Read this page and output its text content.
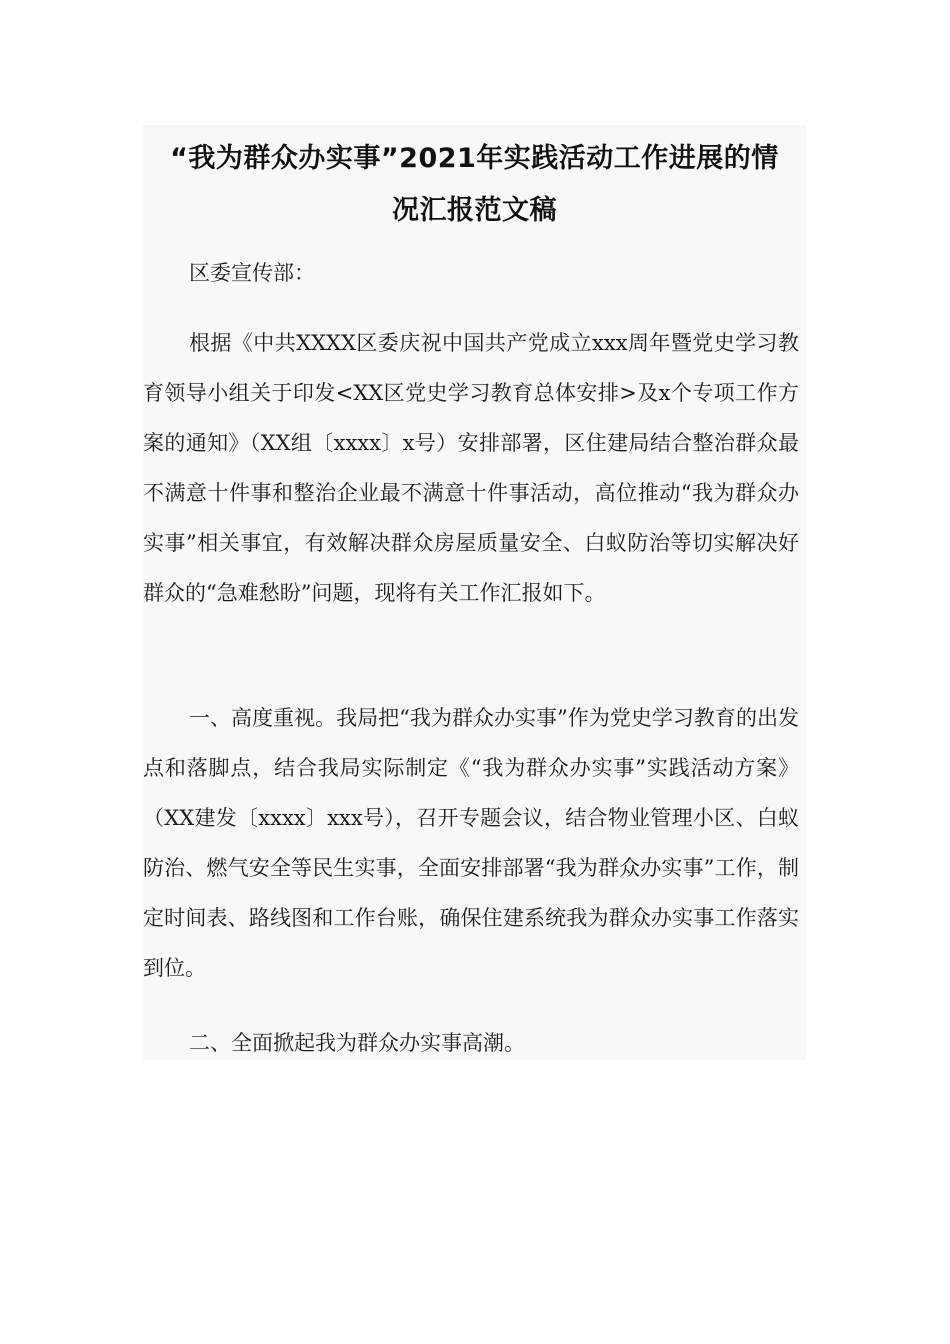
“我为群众办实事”2021年实践活动工作进展的情
况汇报范文稿

区委宣传部：

根据《中共XXXX区委庆祝中国共产党成立xxx周年暨党史学习教育领导小组关于印发<XX区党史学习教育总体安排>及x个专项工作方案的通知》（XX组〔xxxx〕x号）安排部署，区住建局结合整治群众最不满意十件事和整治企业最不满意十件事活动，高位推动“我为群众办实事”相关事宜，有效解决群众房屋质量安全、白蚁防治等切实解决好群众的“急难愁盼”问题，现将有关工作汇报如下。

一、高度重视。我局把“我为群众办实事”作为党史学习教育的出发点和落脚点，结合我局实际制定《“我为群众办实事”实践活动方案》（XX建发〔xxxx〕xxx号），召开专题会议，结合物业管理小区、白蚁防治、燃气安全等民生实事，全面安排部署“我为群众办实事”工作，制定时间表、路线图和工作台账，确保住建系统我为群众办实事工作落实到位。

二、全面掀起我为群众办实事高潮。
